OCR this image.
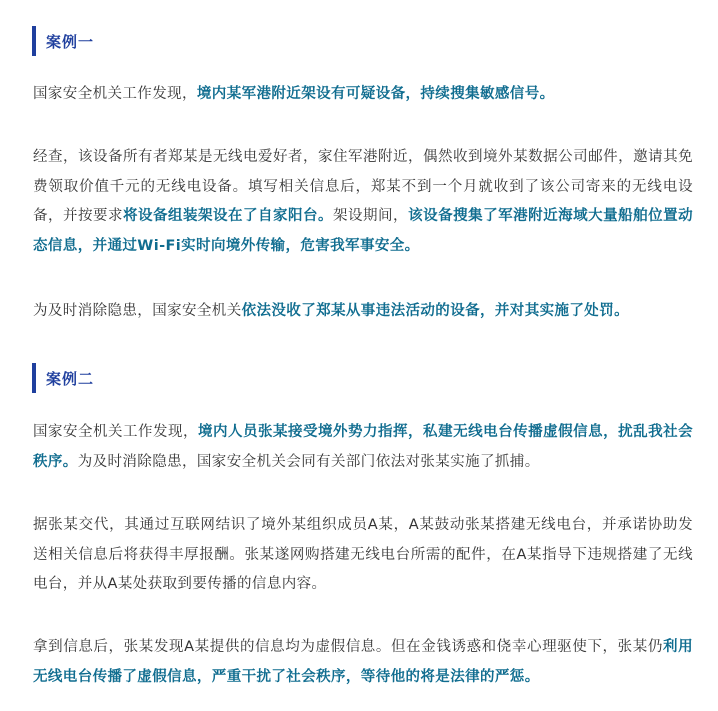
案例一

国家安全机关工作发现，境内某军港附近架设有可疑设备，持续搜集敏感信号。

经查，该设备所有者郑某是无线电爱好者，家住军港附近，偶然收到境外某数据公司邮件，邀请其免费领取价值千元的无线电设备。填写相关信息后，郑某不到一个月就收到了该公司寄来的无线电设备，并按要求将设备组装架设在了自家阳台。架设期间，该设备搜集了军港附近海域大量船舶位置动态信息，并通过Wi-Fi实时向境外传输，危害我军事安全。

为及时消除隐患，国家安全机关依法没收了郑某从事违法活动的设备，并对其实施了处罚。

案例二

国家安全机关工作发现，境内人员张某接受境外势力指挥，私建无线电台传播虚假信息，扰乱我社会秩序。为及时消除隐患，国家安全机关会同有关部门依法对张某实施了抓捕。

据张某交代，其通过互联网结识了境外某组织成员A某，A某鼓动张某搭建无线电台，并承诺协助发送相关信息后将获得丰厚报酬。张某遂网购搭建无线电台所需的配件，在A某指导下违规搭建了无线电台，并从A某处获取到要传播的信息内容。

拿到信息后，张某发现A某提供的信息均为虚假信息。但在金钱诱惑和侥幸心理驱使下，张某仍利用无线电台传播了虚假信息，严重干扰了社会秩序，等待他的将是法律的严惩。
